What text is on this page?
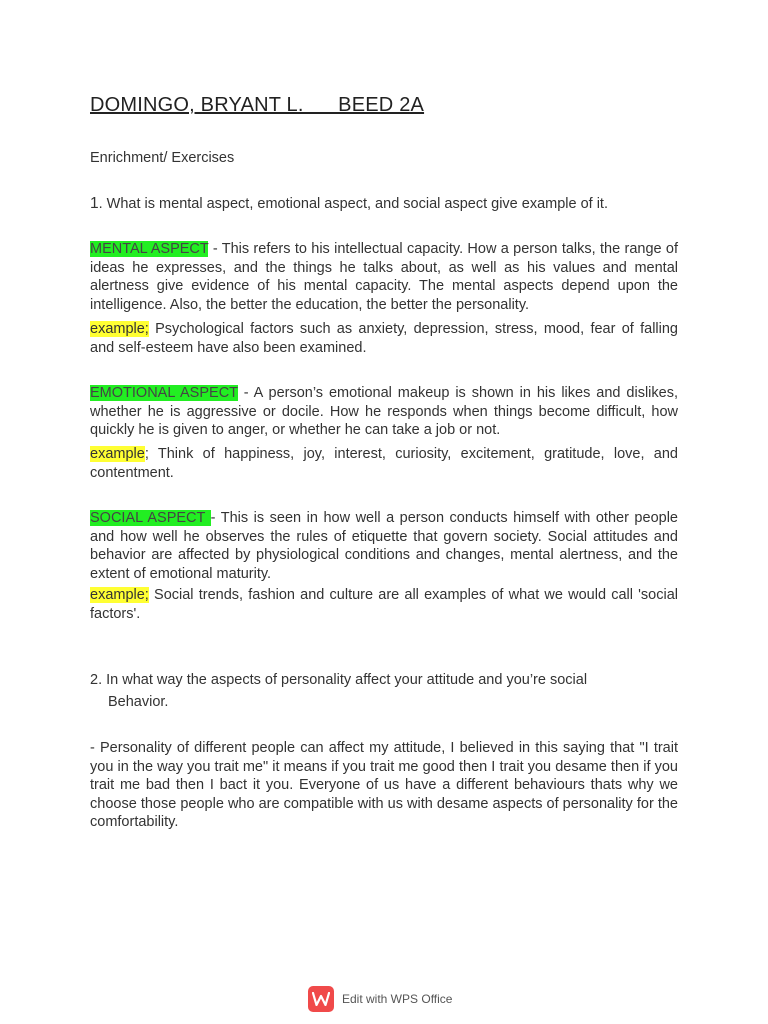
DOMINGO, BRYANT L.      BEED 2A
Enrichment/ Exercises
1. What is mental aspect, emotional aspect, and social aspect give example of it.
MENTAL ASPECT - This refers to his intellectual capacity. How a person talks, the range of ideas he expresses, and the things he talks about, as well as his values and mental alertness give evidence of his mental capacity. The mental aspects depend upon the intelligence. Also, the better the education, the better the personality.
example; Psychological factors such as anxiety, depression, stress, mood, fear of falling and self-esteem have also been examined.
EMOTIONAL ASPECT - A person’s emotional makeup is shown in his likes and dislikes, whether he is aggressive or docile. How he responds when things become difficult, how quickly he is given to anger, or whether he can take a job or not.
example; Think of happiness, joy, interest, curiosity, excitement, gratitude, love, and contentment.
SOCIAL ASPECT - This is seen in how well a person conducts himself with other people and how well he observes the rules of etiquette that govern society. Social attitudes and behavior are affected by physiological conditions and changes, mental alertness, and the extent of emotional maturity.
example; Social trends, fashion and culture are all examples of what we would call 'social factors'.
2. In what way the aspects of personality affect your attitude and you’re social
Behavior.
- Personality of different people can affect my attitude, I believed in this saying that "I trait you in the way you trait me" it means if you trait me good then I trait you desame then if you trait me bad then I bact it you. Everyone of us have a different behaviours thats why we choose those people who are compatible with us with desame aspects of personality for the comfortability.
Edit with WPS Office
